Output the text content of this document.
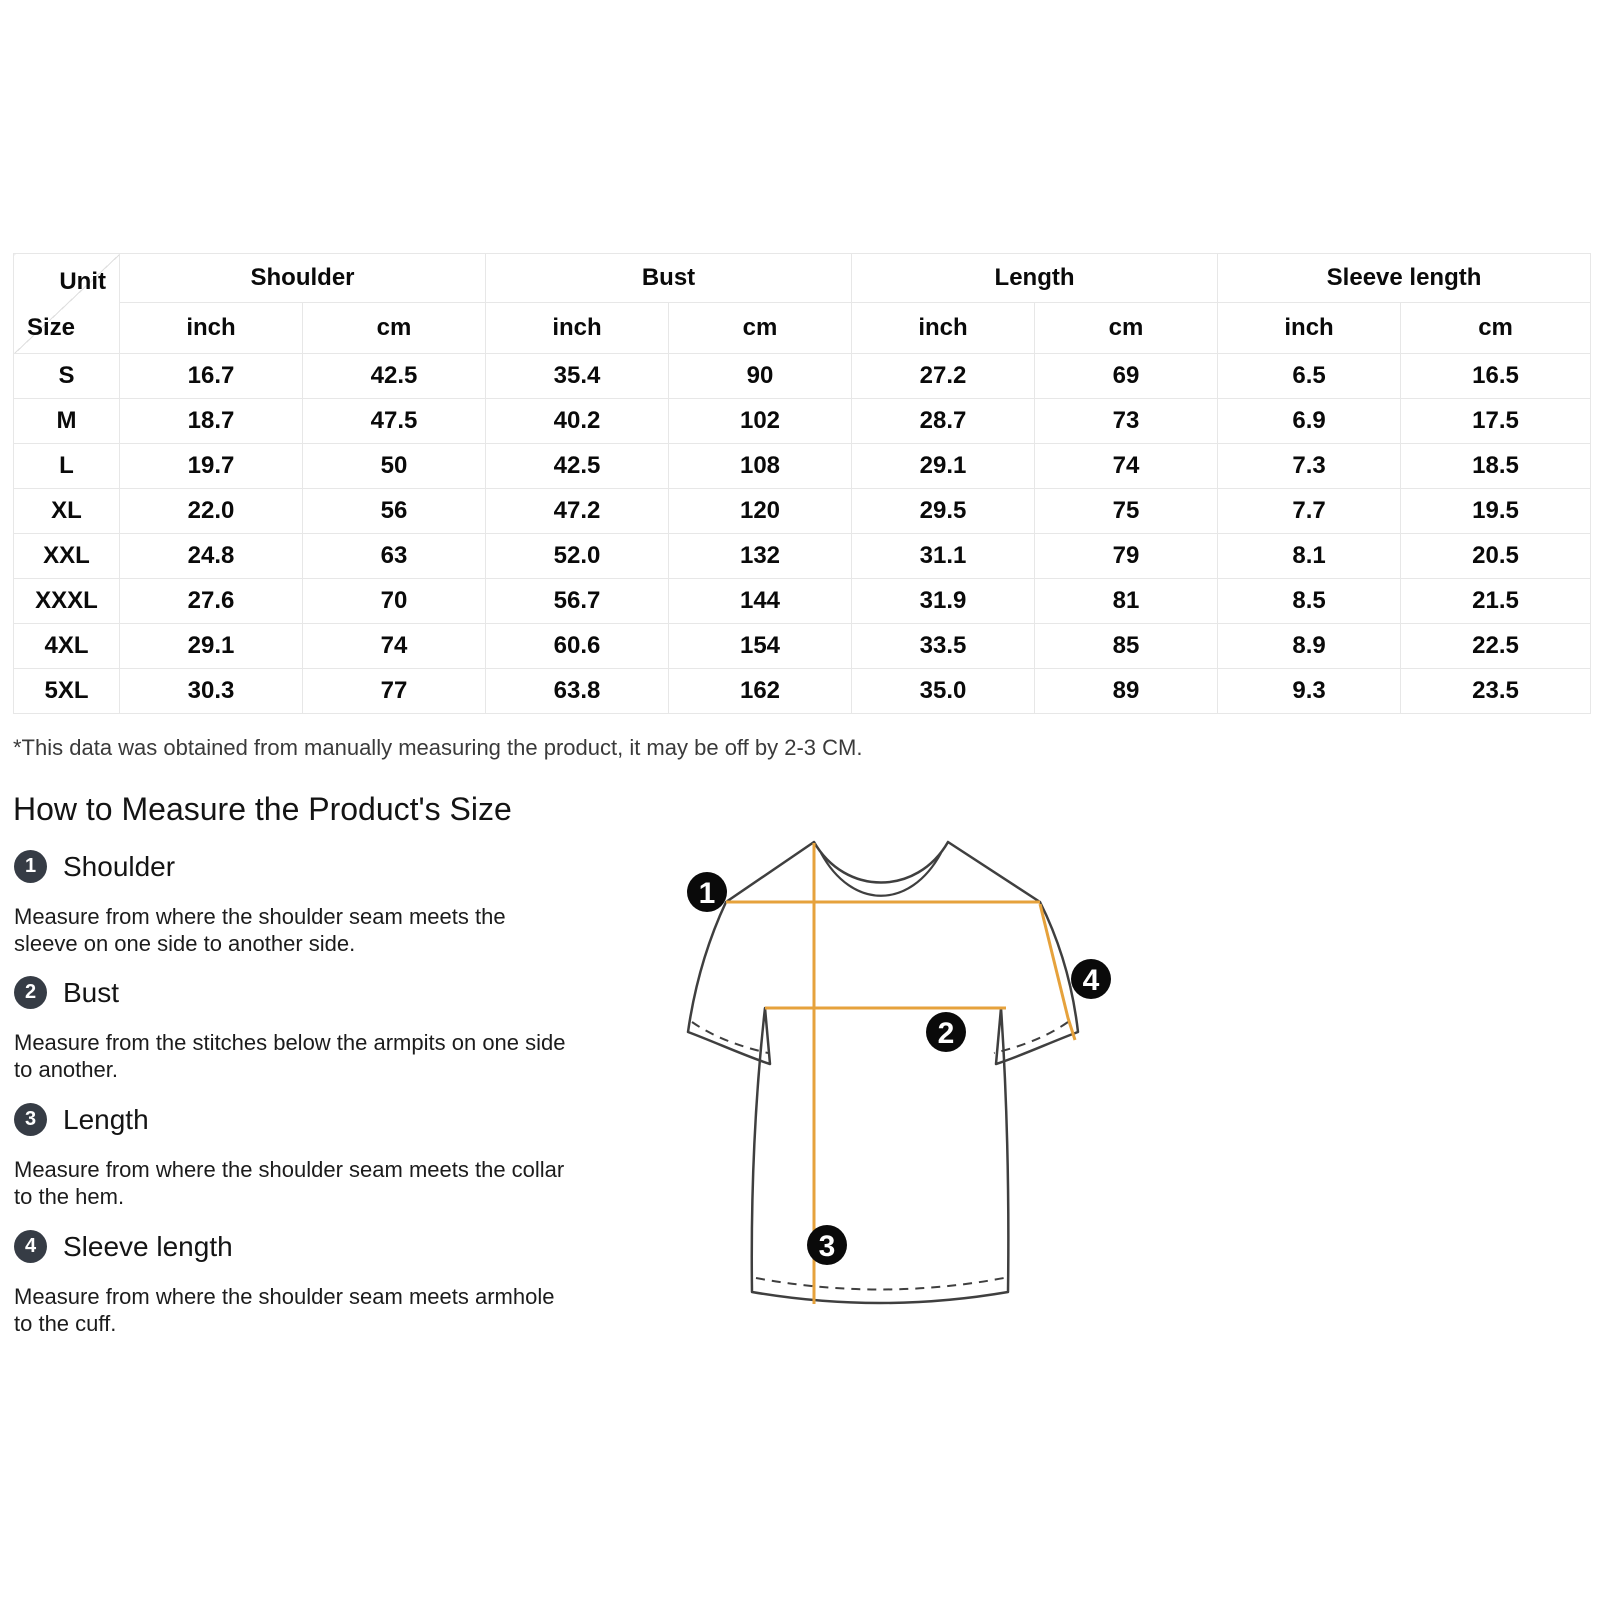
Unit
Size	Shoulder		Bust		Length		Sleeve length	
	inch	cm	inch	cm	inch	cm	inch	cm
S	16.7	42.5	35.4	90	27.2	69	6.5	16.5
M	18.7	47.5	40.2	102	28.7	73	6.9	17.5
L	19.7	50	42.5	108	29.1	74	7.3	18.5
XL	22.0	56	47.2	120	29.5	75	7.7	19.5
XXL	24.8	63	52.0	132	31.1	79	8.1	20.5
XXXL	27.6	70	56.7	144	31.9	81	8.5	21.5
4XL	29.1	74	60.6	154	33.5	85	8.9	22.5
5XL	30.3	77	63.8	162	35.0	89	9.3	23.5
*This data was obtained from manually measuring the product, it may be off by 2-3 CM.
How to Measure the Product's Size
1 Shoulder
Measure from where the shoulder seam meets the sleeve on one side to another side.
2 Bust
Measure from the stitches below the armpits on one side to another.
3 Length
Measure from where the shoulder seam meets the collar to the hem.
4 Sleeve length
Measure from where the shoulder seam meets armhole to the cuff.
1
2
3
4
